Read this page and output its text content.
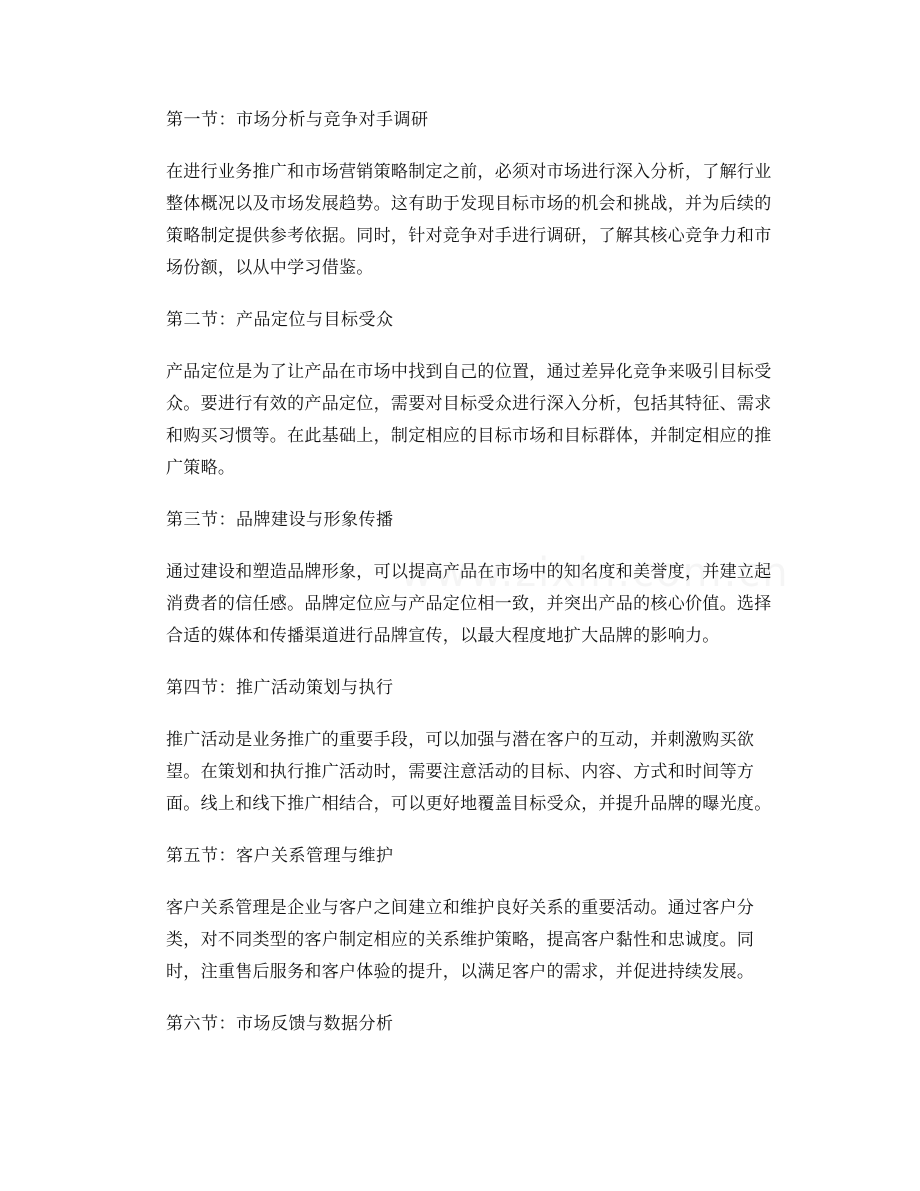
第一节：市场分析与竞争对手调研
在进行业务推广和市场营销策略制定之前，必须对市场进行深入分析，了解行业整体概况以及市场发展趋势。这有助于发现目标市场的机会和挑战，并为后续的策略制定提供参考依据。同时，针对竞争对手进行调研，了解其核心竞争力和市场份额，以从中学习借鉴。
第二节：产品定位与目标受众
产品定位是为了让产品在市场中找到自己的位置，通过差异化竞争来吸引目标受众。要进行有效的产品定位，需要对目标受众进行深入分析，包括其特征、需求和购买习惯等。在此基础上，制定相应的目标市场和目标群体，并制定相应的推广策略。
第三节：品牌建设与形象传播
通过建设和塑造品牌形象，可以提高产品在市场中的知名度和美誉度，并建立起消费者的信任感。品牌定位应与产品定位相一致，并突出产品的核心价值。选择合适的媒体和传播渠道进行品牌宣传，以最大程度地扩大品牌的影响力。
第四节：推广活动策划与执行
推广活动是业务推广的重要手段，可以加强与潜在客户的互动，并刺激购买欲望。在策划和执行推广活动时，需要注意活动的目标、内容、方式和时间等方面。线上和线下推广相结合，可以更好地覆盖目标受众，并提升品牌的曝光度。
第五节：客户关系管理与维护
客户关系管理是企业与客户之间建立和维护良好关系的重要活动。通过客户分类，对不同类型的客户制定相应的关系维护策略，提高客户黏性和忠诚度。同时，注重售后服务和客户体验的提升，以满足客户的需求，并促进持续发展。
第六节：市场反馈与数据分析
